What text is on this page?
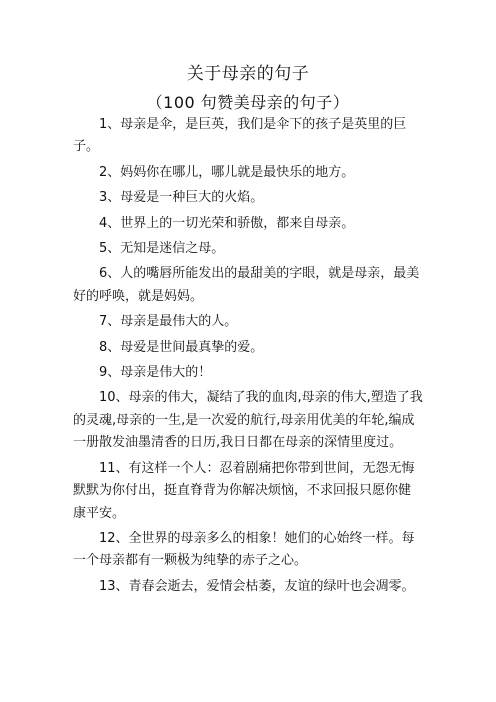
关于母亲的句子
（100 句赞美母亲的句子）

1、母亲是伞，是巨英，我们是伞下的孩子是英里的巨子。

2、妈妈你在哪儿，哪儿就是最快乐的地方。

3、母爱是一种巨大的火焰。

4、世界上的一切光荣和骄傲，都来自母亲。

5、无知是迷信之母。

6、人的嘴唇所能发出的最甜美的字眼，就是母亲，最美好的呼唤，就是妈妈。

7、母亲是最伟大的人。

8、母爱是世间最真挚的爱。

9、母亲是伟大的！

10、母亲的伟大，凝结了我的血肉,母亲的伟大,塑造了我的灵魂,母亲的一生,是一次爱的航行,母亲用优美的年轮,编成一册散发油墨清香的日历,我日日都在母亲的深情里度过。

11、有这样一个人：忍着剧痛把你带到世间，无怨无悔默默为你付出，挺直脊背为你解决烦恼，不求回报只愿你健康平安。

12、全世界的母亲多么的相象！她们的心始终一样。每一个母亲都有一颗极为纯挚的赤子之心。

13、青春会逝去，爱情会枯萎，友谊的绿叶也会凋零。
